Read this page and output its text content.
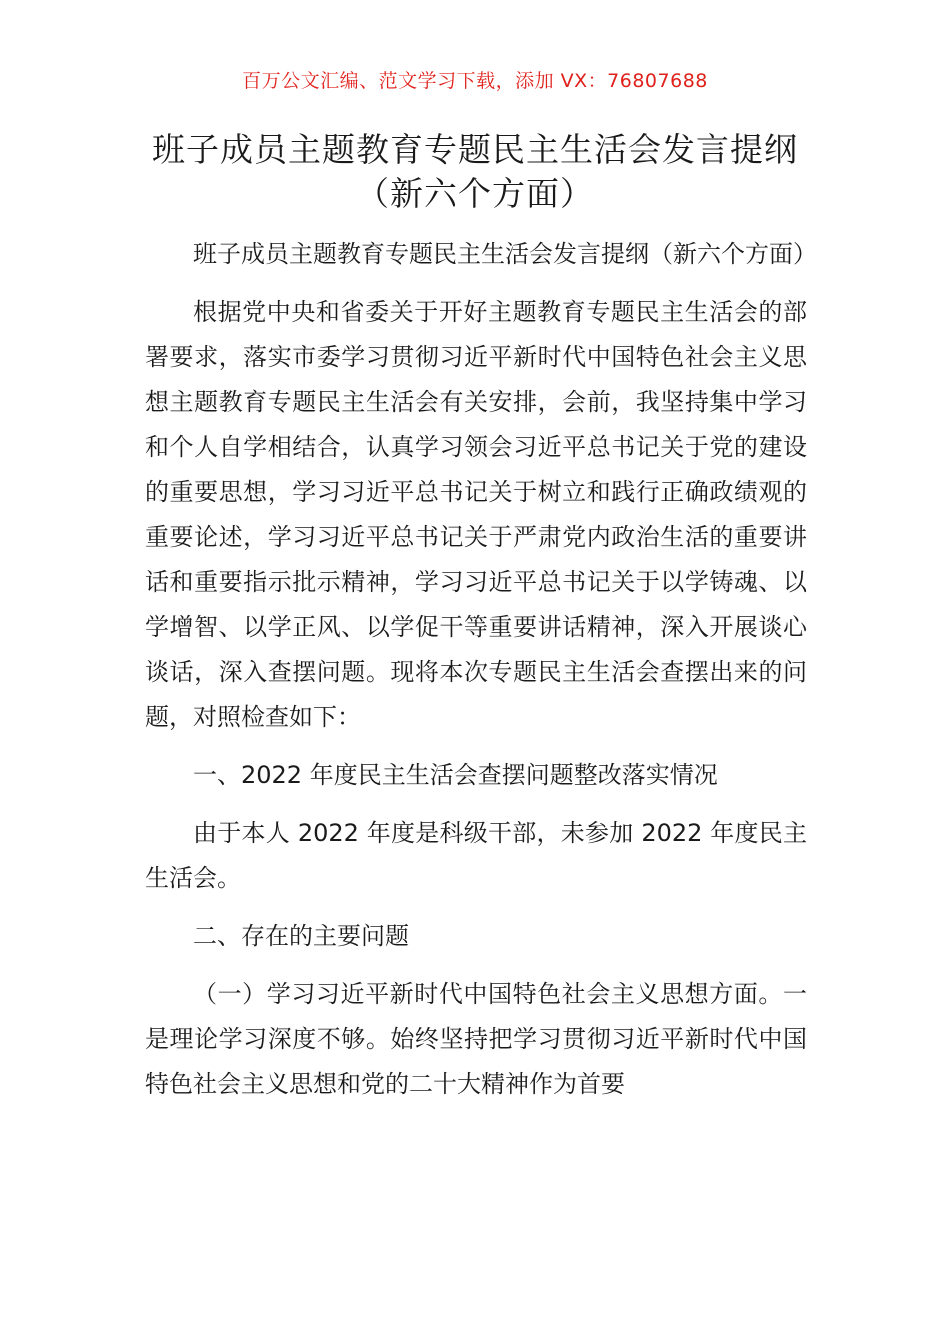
百万公文汇编、范文学习下载，添加 VX：76807688
班子成员主题教育专题民主生活会发言提纲
（新六个方面）

班子成员主题教育专题民主生活会发言提纲（新六个方面）

根据党中央和省委关于开好主题教育专题民主生活会的部署要求，落实市委学习贯彻习近平新时代中国特色社会主义思想主题教育专题民主生活会有关安排，会前，我坚持集中学习和个人自学相结合，认真学习领会习近平总书记关于党的建设的重要思想，学习习近平总书记关于树立和践行正确政绩观的重要论述，学习习近平总书记关于严肃党内政治生活的重要讲话和重要指示批示精神，学习习近平总书记关于以学铸魂、以学增智、以学正风、以学促干等重要讲话精神，深入开展谈心谈话，深入查摆问题。现将本次专题民主生活会查摆出来的问题，对照检查如下：

一、2022 年度民主生活会查摆问题整改落实情况

由于本人 2022 年度是科级干部，未参加 2022 年度民主生活会。

二、存在的主要问题

（一）学习习近平新时代中国特色社会主义思想方面。一是理论学习深度不够。始终坚持把学习贯彻习近平新时代中国特色社会主义思想和党的二十大精神作为首要
